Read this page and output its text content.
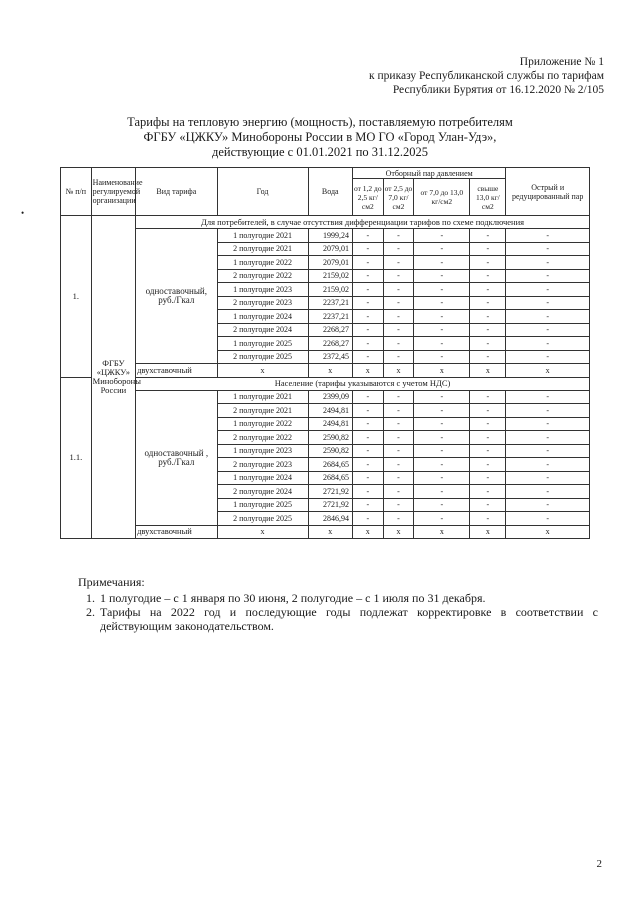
•
Приложение № 1
к приказу Республиканской службы по тарифам
Республики Бурятия от 16.12.2020 № 2/105
Тарифы на тепловую энергию (мощность), поставляемую потребителям
ФГБУ «ЦЖКУ» Минобороны России в МО ГО «Город Улан-Удэ»,
действующие с 01.01.2021 по 31.12.2025
№ п/п	Наименование регулируемой организации	Вид тарифа	Год	Вода	Отборный пар давлением				Острый и редуцированный пар
					от 1,2 до 2,5 кг/см2	от 2,5 до 7,0 кг/см2	от 7,0 до 13,0 кг/см2	свыше 13,0 кг/см2	
1.	ФГБУ «ЦЖКУ» Минобороны России	Для потребителей, в случае отсутствия дифференциации тарифов по схеме подключения							
		одноставочный, руб./Гкал	1 полугодие 2021	1999,24	-	-	-	-	-
			2 полугодие 2021	2079,01	-	-	-	-	-
			1 полугодие 2022	2079,01	-	-	-	-	-
			2 полугодие 2022	2159,02	-	-	-	-	-
			1 полугодие 2023	2159,02	-	-	-	-	-
			2 полугодие 2023	2237,21	-	-	-	-	-
			1 полугодие 2024	2237,21	-	-	-	-	-
			2 полугодие 2024	2268,27	-	-	-	-	-
			1 полугодие 2025	2268,27	-	-	-	-	-
			2 полугодие 2025	2372,45	-	-	-	-	-
		двухставочный	х	х	х	х	х	х	х
1.1.		Население (тарифы указываются с учетом НДС)							
		одноставочный , руб./Гкал	1 полугодие 2021	2399,09	-	-	-	-	-
			2 полугодие 2021	2494,81	-	-	-	-	-
			1 полугодие 2022	2494,81	-	-	-	-	-
			2 полугодие 2022	2590,82	-	-	-	-	-
			1 полугодие 2023	2590,82	-	-	-	-	-
			2 полугодие 2023	2684,65	-	-	-	-	-
			1 полугодие 2024	2684,65	-	-	-	-	-
			2 полугодие 2024	2721,92	-	-	-	-	-
			1 полугодие 2025	2721,92	-	-	-	-	-
			2 полугодие 2025	2846,94	-	-	-	-	-
		двухставочный	х	х	х	х	х	х	х
Примечания:
1. 1 полугодие – с 1 января по 30 июня, 2 полугодие – с 1 июля по 31 декабря.
2. Тарифы на 2022 год и последующие годы подлежат корректировке в соответствии с действующим законодательством.
2
